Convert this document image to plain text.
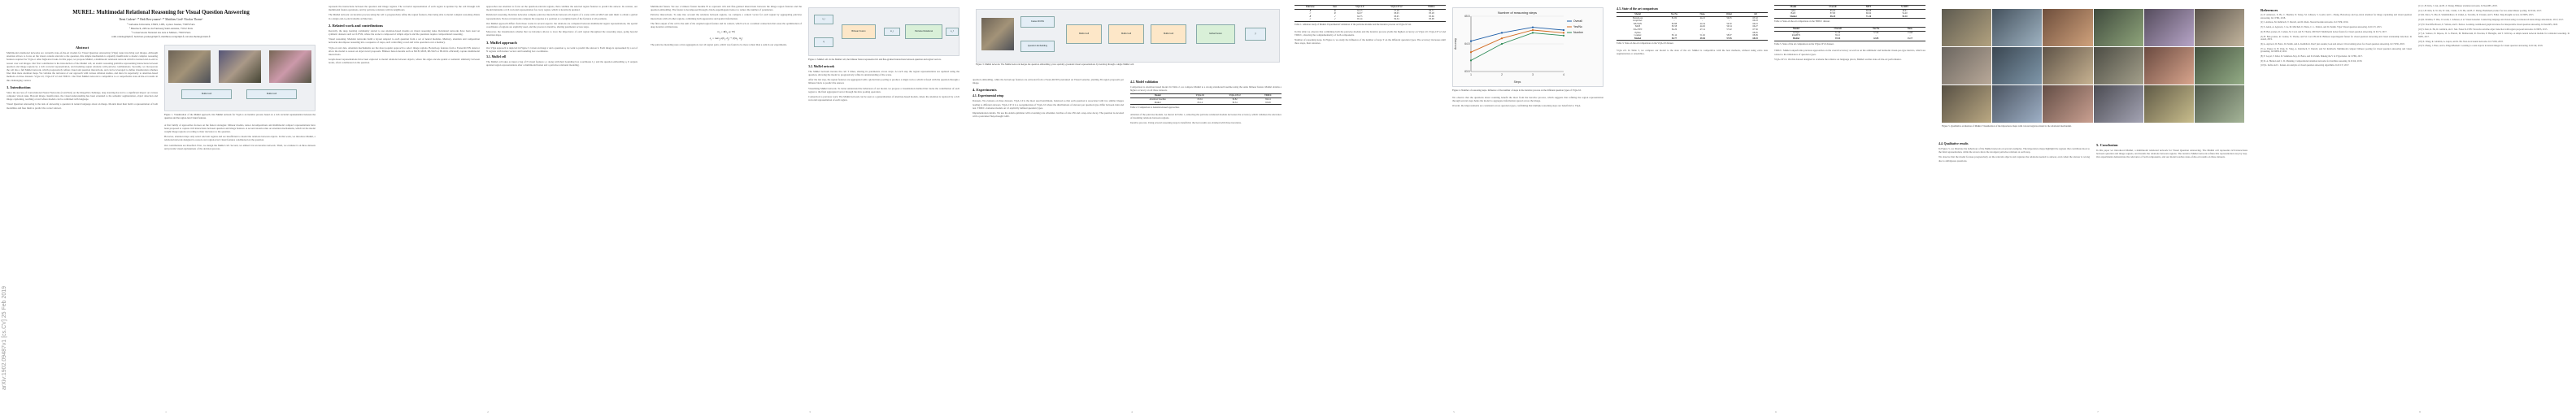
arXiv:1902.09487v1 [cs.CV] 25 Feb 2019
MUREL: Multimodal Relational Reasoning for Visual Question Answering
Remi Cadene¹·²* Hedi Ben-younes¹·²* Matthieu Cord¹ Nicolas Thome³
¹ Sorbonne Université, CNRS, LIP6, 4 place Jussieu, 75005 Paris
² Heuritech, 248 rue du Faubourg Saint-Antoine, 75012 Paris
³ Conservatoire National des Arts et Métiers, 75003 Paris
remi.cadene@lip6.fr, hedi.ben-younes@lip6.fr, matthieu.cord@lip6.fr, nicolas.thome@cnam.fr
Abstract

Multimodal attentional networks are currently state-of-the-art models for Visual Question Answering (VQA) tasks involving real images. Although attention allows to focus on the visual content relevant to the question, this simple mechanism is arguably insufficient to model complex reasoning features required for VQA or other high-level tasks. In this paper, we propose MuRel, a multimodal relational network which is learned end-to-end to reason over real images. Our first contribution is the introduction of the MuRel cell, an atomic reasoning primitive representing interactions between question and image regions by a rich vectorial representation, and modeling region relations with pairwise combinations. Secondly, we incorporate the cell into a full MuRel network, which progressively refines visual and question interactions, and can be leveraged to define visualization schemes finer than mere attention maps. We validate the relevance of our approach with various ablation studies, and show its superiority to attention-based methods on three datasets: VQA 2.0, VQA-CP v2 and TDIUC. Our final MuRel network is competitive to or outperforms state-of-the-art results in this challenging context.

1. Introduction

Since the success of Convolutional Neural Networks (ConvNets) on the ImageNet challenge, deep learning has led to a significant impact on various computer vision tasks. Beyond image classification, the visual understanding has been extended to the semantic segmentation, object detection and image captioning, reaching a level where models can be combined with language.

Visual Question Answering is the task of answering a question in natural language about an image. Models must then build a representation of both modalities and fuse them to predict the correct answer.

MuRel cell	MuRel cell
Figure 1. Visualization of the MuRel approach. Our MuRel network for VQA is an iterative process based on a rich vectorial representation between the question and the region-level visual features.

A first family of approaches focuses on the fusion strategies: bilinear models, tensor decompositions and multimodal compact representations have been proposed to capture rich interactions between question and image features. A second stream relies on attention mechanisms, which let the model weight image regions according to their relevance to the question.

However, attention maps only select relevant regions and are insufficient to model the relations between objects. In this work, we introduce MuRel, a relational network designed to reason over region-level visual features conditioned on the question.

Our contributions are threefold. First, we design the MuRel cell. Second, we embed it in an iterative network. Third, we evaluate it on three datasets and provide visual explanations of the decision process.

1

represent the interactions between the question and image regions. The vectorial representation of each region is updated by the cell through rich multimodal fusion operations, and by pairwise relations with its neighbours.

The MuRel network: an iterative process using the cell to progressively refine the region features, thus being able to model complex reasoning chains in a single end-to-end trainable architecture.

2. Related work and contributions

Recently, the deep learning community started to use attention-based models on visual reasoning tasks. Relational networks have been used on synthetic datasets such as CLEVR, where the scene is composed of simple objects and the questions require compositional reasoning.

Visual reasoning. Modular networks build a layout adapted to each question from a set of neural modules. Memory, attention and composition networks decompose reasoning into a sequence of steps, each controlling a read and write operation over a memory.

VQA on real data. Attention mechanisms are the most popular approach to select image regions. Bottom-up features from a Faster-RCNN detector allow the model to reason on object-level proposals. Bilinear fusion models such as MCB, MLB, MUTAN or BLOCK efficiently capture multimodal interactions.

Graph-based representations have been explored to model relations between objects, where the edges encode spatial or semantic similarity between nodes, often conditioned on the question.

approaches use attention to focus on the question-relevant regions, then combine the selected region features to predict the answer. In contrast, our model maintains a rich vectorial representation for every region, which is iteratively updated.

Relational reasoning. Relation networks compute pairwise interactions between all objects of a scene with an MLP and sum them to obtain a global representation. Non-local networks compute the response at a position as a weighted sum of the features at all positions.

Our MuRel approach differs from these works in several aspects: the relations are computed between multimodal region representations, the spatial coordinates of regions are explicitly used, and the process is iterative, sharing parameters across steps.

Moreover, the visualization scheme that we introduce allows to trace the importance of each region throughout the reasoning steps, going beyond attention maps.

3. MuRel approach

Our VQA approach is depicted in Figure 3. Given an image v and a question q, we want to predict the answer â. Each image is represented by a set of N regions with feature vectors and bounding box coordinates.

3.1. MuRel cell

The MuRel cell takes as input a bag of N visual features s_i along with their bounding box coordinates b_i and the question embedding q. It outputs updated region representations after a multimodal fusion and a pairwise relational modeling.

2

Multimodal fusion. We use a bilinear fusion module B to represent rich and fine-grained interactions between the image region features and the question embedding. The fusion is decomposed through a block-superdiagonal tensor to reduce the number of parameters.

Pairwise interactions. To take into account the relations between regions, we compute a context vector for each region by aggregating pairwise interactions with all other regions, combining both appearance and spatial information.

The final output of the cell is the sum of the original region feature and its context, which acts as a residual connection that eases the optimization of deep iterative architectures.

$m_i = B(s_i$, q; Θ)
$e_i = \max_j \alpha(b_i$, $b_j) + \beta(m_i$, $m_j$)

The pairwise modeling uses a max aggregation over all region pairs, which was found to be more robust than a sum in our experiments.

s_i
q
Bilinear Fusion	m_i	Pairwise Relational	s_i'
Figure 2. MuRel cell. In the MuRel cell, the bilinear fusion represents rich and fine-grained interactions between question and region vectors.
3.2. MuRel network

The MuRel network iterates the cell T times, sharing its parameters across steps. At each step the region representations are updated using the question, allowing the model to progressively refine its understanding of the scene.

After the last step, the region features are aggregated with a global max pooling to produce a single vector, which is fused with the question through a bilinear block to predict the answer.

Visualizing MuRel network. To better understand the behaviour of our model, we propose a visualization method that tracks the contribution of each region to the final aggregated vector through the max pooling operation.

Connection to previous work. The MuRel network can be seen as a generalization of attention-based models, where the attention is replaced by a rich vectorial representation of each region.

3
Faster-RCNN
Question Embedding
MuRel cell	MuRel cell	MuRel cell	Global Fusion	ŷ
Figure 3. MuRel network. The MuRel network merges the question embedding q into spatially-grounded visual representations by iterating through a single MuRel cell.

question embedding, while the bottom-up features are extracted from a Faster-RCNN pretrained on Visual Genome, yielding 36 region proposals per image.

4. Experiments
4.1. Experimental setup

Datasets. We evaluate on three datasets. VQA 2.0 is the most used benchmark, balanced so that each question is associated with two similar images leading to different answers. VQA-CP v2 is a reorganization of VQA 2.0 where the distributions of answers per question type differ between train and test. TDIUC evaluates models on 12 explicitly defined question types.

Implementation details. We use the Adam optimizer with a learning rate scheduler, batches of size 256 and a step-wise decay. The question is encoded with a pretrained Skip-thought GRU.

4.2. Model validation

Comparison to attention-based model. In Table 2, we compare MuRel to a strong attentional baseline using the same bilinear fusion. MuRel obtains a higher accuracy on all three datasets.

Model	VQA 2.0	VQA-CP v2	TDIUC
Attention baseline	63.61	36.82	84.24
MuRel	65.14	39.54	85.98
Table 2. Comparison to Attention-based approaches.

Ablation of the pairwise module. As shown in Table 1, removing the pairwise relational module decreases the accuracy, which validates the relevance of modeling relations between regions.

Iterative process. Using several reasoning steps is beneficial; the best results are obtained with three iterations.

4
Pairwise	Iter.	VQA 2.0	VQA-CP v2	TDIUC
✗	✗	64.13	37.28	84.71
✓	✗	64.57	38.03	85.28
✗	✓	64.75	38.65	85.66
✓	✓	65.14	39.54	85.98
Table 1. Ablation study of MuRel. Experimental validation of the pairwise module and the iterative process on VQA 2.0 val.

In this table we observe that combining both the pairwise module and the iterative process yields the highest accuracy on VQA 2.0, VQA-CP v2 and TDIUC, showing the complementarity of both components.

Number of reasoning steps. In Figure 4, we study the influence of the number of steps T on the different question types. The accuracy increases until three steps, then saturates.

Number of reasoning steps
Steps
Accuracy
1	2	3	4
63.5
64.5
65.5
Overall
Yes/No
Number
Figure 4. Number of reasoning steps. Influence of the number of steps in the iterative process on the different question types of VQA 2.0.

We observe that the questions about counting benefit the most from the iterative process, which suggests that refining the region representation through several steps helps the model to aggregate information spread across the image.

Overall, the improvements are consistent across question types, confirming that multiple reasoning steps are beneficial to VQA.

5
4.3. State of the art comparison
Model	Yes/No	Num.	Other	All
Bottom-up	81.82	44.21	56.05	65.32
Graph Att.	-	-	-	66.18
MUTAN	82.88	44.54	56.50	66.01
MLB	83.58	44.92	56.34	66.27
DA-NTN	84.29	47.14	57.92	67.56
Pythia	-	-	-	68.05
Counter	83.14	51.62	58.97	68.09
MuRel	84.77	49.84	57.85	68.03
Table 3. State-of-the-art comparison on the VQA 2.0 dataset.

VQA 2.0. In Table 3, we compare our model to the state of the art. MuRel is competitive with the best methods, without using extra data augmentation or ensembles.

Model	Overall	MPT	N-MPT
QTA	85.03	60.08	49.91
BAN	87.00	66.94	54.40
MuRel	88.20	71.20	59.30
Table 4. State-of-the-art comparison on the TDIUC dataset.
Model	Overall	Yes/No	Num.
GVQA	31.30	57.99	13.68
RAMEN	39.21	-	-
MuRel	39.54	42.85	13.17
Table 5. State of the art comparison on the VQA-CP v2 dataset.

TDIUC. MuRel outperforms previous approaches on the overall accuracy as well as on the arithmetic and harmonic mean-per-type metrics, which are robust to the imbalance of question types.

VQA-CP v2. On this dataset designed to evaluate the reliance on language priors, MuRel reaches state-of-the-art performance.

6
Figure 5. Qualitative evaluation of MuRel. Visualization of the importance maps with colored regions related to the relational mechanism.
4.4. Qualitative results

In Figure 5, we illustrate the behaviour of the MuRel network on several examples. The importance maps highlight the regions that contribute most to the final representation, while the arrows show the strongest pairwise relations at each step.

We observe that the model focuses progressively on the relevant objects and captures the relations needed to answer, even when the answer is wrong due to ambiguous questions.

5. Conclusion

In this paper we introduced MuRel, a multimodal relational network for Visual Question Answering. The MuRel cell represents rich interactions between question and image regions, and models the relations between regions. The iterative MuRel network refines this representation step by step. Our experiments demonstrate the relevance of both components, and our model reaches state-of-the-art results on three datasets.

7
References

[1] P. Anderson, X. He, C. Buehler, D. Teney, M. Johnson, S. Gould, and L. Zhang. Bottom-up and top-down attention for image captioning and visual question answering. In CVPR, 2018.

[2] J. Andreas, M. Rohrbach, T. Darrell, and D. Klein. Neural module networks. In CVPR, 2016.

[3] S. Antol, A. Agrawal, J. Lu, M. Mitchell, D. Batra, C. L. Zitnick, and D. Parikh. VQA: Visual question answering. In ICCV, 2015.

[4] H. Ben-younes, R. Cadene, M. Cord, and N. Thome. MUTAN: Multimodal tucker fusion for visual question answering. In ICCV, 2017.

[5] H. Ben-younes, R. Cadene, N. Thome, and M. Cord. BLOCK: Bilinear superdiagonal fusion for visual question answering and visual relationship detection. In AAAI, 2019.

[6] A. Agrawal, D. Batra, D. Parikh, and A. Kembhavi. Don't just assume; look and answer: Overcoming priors for visual question answering. In CVPR, 2018.

[7] A. Fukui, D. H. Park, D. Yang, A. Rohrbach, T. Darrell, and M. Rohrbach. Multimodal compact bilinear pooling for visual question answering and visual grounding. In EMNLP, 2016.

[8] Y. Goyal, T. Khot, D. Summers-Stay, D. Batra, and D. Parikh. Making the V in VQA matter. In CVPR, 2017.

[9] D. A. Hudson and C. D. Manning. Compositional attention networks for machine reasoning. In ICLR, 2018.

[10] K. Kafle and C. Kanan. An analysis of visual question answering algorithms. In ICCV, 2017.

[11] J.-H. Kim, J. Jun, and B.-T. Zhang. Bilinear attention networks. In NeurIPS, 2018.

[12] J.-H. Kim, K. W. On, W. Lim, J. Kim, J.-W. Ha, and B.-T. Zhang. Hadamard product for low-rank bilinear pooling. In ICLR, 2017.

[13] R. Kiros, Y. Zhu, R. Salakhutdinov, R. Zemel, A. Torralba, R. Urtasun, and S. Fidler. Skip-thought vectors. In NIPS, 2015.

[14] R. Krishna, Y. Zhu, O. Groth, J. Johnson, et al. Visual Genome: Connecting language and vision using crowdsourced dense image annotations. IJCV, 2017.

[15] W. Norcliffe-Brown, E. Vafeais, and S. Parisot. Learning conditioned graph structures for interpretable visual question answering. In NeurIPS, 2018.

[16] S. Ren, K. He, R. Girshick, and J. Sun. Faster R-CNN: Towards real-time object detection with region proposal networks. In NIPS, 2015.

[17] A. Santoro, D. Raposo, D. G. Barrett, M. Malinowski, R. Pascanu, P. Battaglia, and T. Lillicrap. A simple neural network module for relational reasoning. In NIPS, 2017.

[18] X. Wang, R. Girshick, A. Gupta, and K. He. Non-local neural networks. In CVPR, 2018.

[19] Y. Zhang, J. Hare, and A. Prügel-Bennett. Learning to count objects in natural images for visual question answering. In ICLR, 2018.

8
